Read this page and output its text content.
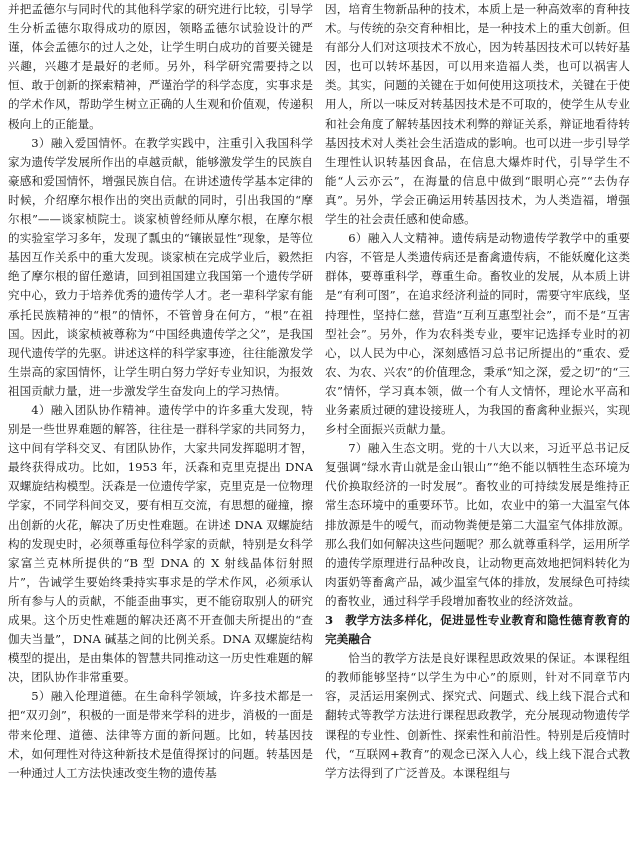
并把孟德尔与同时代的其他科学家的研究进行比较，引导学生分析孟德尔取得成功的原因，领略孟德尔试验设计的严谨，体会孟德尔的过人之处，让学生明白成功的首要关键是兴趣，兴趣才是最好的老师。另外，科学研究需要持之以恒、敢于创新的探索精神，严谨治学的科学态度，实事求是的学术作风，帮助学生树立正确的人生观和价值观，传递积极向上的正能量。

3）融入爱国情怀。在教学实践中，注重引入我国科学家为遗传学发展所作出的卓越贡献，能够激发学生的民族自豪感和爱国情怀，增强民族自信。在讲述遗传学基本定律的时候，介绍摩尔根作出的突出贡献的同时，引出我国的“摩尔根”——谈家桢院士。谈家桢曾经师从摩尔根，在摩尔根的实验室学习多年，发现了瓢虫的“镶嵌显性”现象，是等位基因互作关系中的重大发现。谈家桢在完成学业后，毅然拒绝了摩尔根的留任邀请，回到祖国建立我国第一个遗传学研究中心，致力于培养优秀的遗传学人才。老一辈科学家有能承托民族精神的“根”的情怀，不管曾身在何方，“根”在祖国。因此，谈家桢被尊称为“中国经典遗传学之父”，是我国现代遗传学的先驱。讲述这样的科学家事迹，往往能激发学生崇高的家国情怀，让学生明白努力学好专业知识，为报效祖国贡献力量，进一步激发学生奋发向上的学习热情。

4）融入团队协作精神。遗传学中的许多重大发现，特别是一些世界难题的解答，往往是一群科学家的共同努力，这中间有学科交叉、有团队协作，大家共同发挥聪明才智，最终获得成功。比如，1953 年，沃森和克里克提出 DNA 双螺旋结构模型。沃森是一位遗传学家，克里克是一位物理学家，不同学科间交叉，要有相互交流，有思想的碰撞，擦出创新的火花，解决了历史性难题。在讲述 DNA 双螺旋结构的发现史时，必须尊重每位科学家的贡献，特别是女科学家富兰克林所提供的“B 型 DNA 的 X 射线晶体衍射照片”，告诫学生要始终秉持实事求是的学术作风，必须承认所有参与人的贡献，不能歪曲事实，更不能窃取别人的研究成果。这个历史性难题的解决还离不开查伽夫所提出的“查伽夫当量”，DNA 碱基之间的比例关系。DNA 双螺旋结构模型的提出，是由集体的智慧共同推动这一历史性难题的解决，团队协作非常重要。

5）融入伦理道德。在生命科学领域，许多技术都是一把“双刃剑”，积极的一面是带来学科的进步，消极的一面是带来伦理、道德、法律等方面的新问题。比如，转基因技术，如何理性对待这种新技术是值得探讨的问题。转基因是一种通过人工方法快速改变生物的遗传基

因，培育生物新品种的技术，本质上是一种高效率的育种技术。与传统的杂交育种相比，是一种技术上的重大创新。但有部分人们对这项技术不放心，因为转基因技术可以转好基因，也可以转坏基因，可以用来造福人类，也可以祸害人类。其实，问题的关键在于如何使用这项技术，关键在于使用人，所以一味反对转基因技术是不可取的，使学生从专业和社会角度了解转基因技术利弊的辩证关系，辩证地看待转基因技术对人类社会生活造成的影响。也可以进一步引导学生理性认识转基因食品，在信息大爆炸时代，引导学生不能“人云亦云”，在海量的信息中做到“眼明心亮”“去伪存真”。另外，学会正确运用转基因技术，为人类造福，增强学生的社会责任感和使命感。

6）融入人文精神。遗传病是动物遗传学教学中的重要内容，不管是人类遗传病还是畜禽遗传病，不能妖魔化这类群体，要尊重科学，尊重生命。畜牧业的发展，从本质上讲是“有利可图”，在追求经济利益的同时，需要守牢底线，坚持理性，坚持仁慈，营造“互利互惠型社会”，而不是“互害型社会”。另外，作为农科类专业，要牢记选择专业时的初心，以人民为中心，深刻感悟习总书记所提出的“重农、爱农、为农、兴农”的价值理念，秉承“知之深，爱之切”的“三农”情怀，学习真本领，做一个有人文情怀，理论水平高和业务素质过硬的建设接班人，为我国的畜禽种业振兴，实现乡村全面振兴贡献力量。

7）融入生态文明。党的十八大以来，习近平总书记反复强调“绿水青山就是金山银山”“绝不能以牺牲生态环境为代价换取经济的一时发展”。畜牧业的可持续发展是维持正常生态环境中的重要环节。比如，农业中的第一大温室气体排放源是牛的嗳气，而动物粪便是第二大温室气体排放源。那么我们如何解决这些问题呢？那么就尊重科学，运用所学的遗传学原理进行品种改良，让动物更高效地把饲料转化为肉蛋奶等畜禽产品，减少温室气体的排放，发展绿色可持续的畜牧业，通过科学手段增加畜牧业的经济效益。

3　教学方法多样化，促进显性专业教育和隐性德育教育的完美融合

恰当的教学方法是良好课程思政效果的保证。本课程组的教师能够坚持“以学生为中心”的原则，针对不同章节内容，灵活运用案例式、探究式、问题式、线上线下混合式和翻转式等教学方法进行课程思政教学，充分展现动物遗传学课程的专业性、创新性、探索性和前沿性。特别是后疫情时代，“互联网+教育”的观念已深入人心，线上线下混合式教学方法得到了广泛普及。本课程组与
